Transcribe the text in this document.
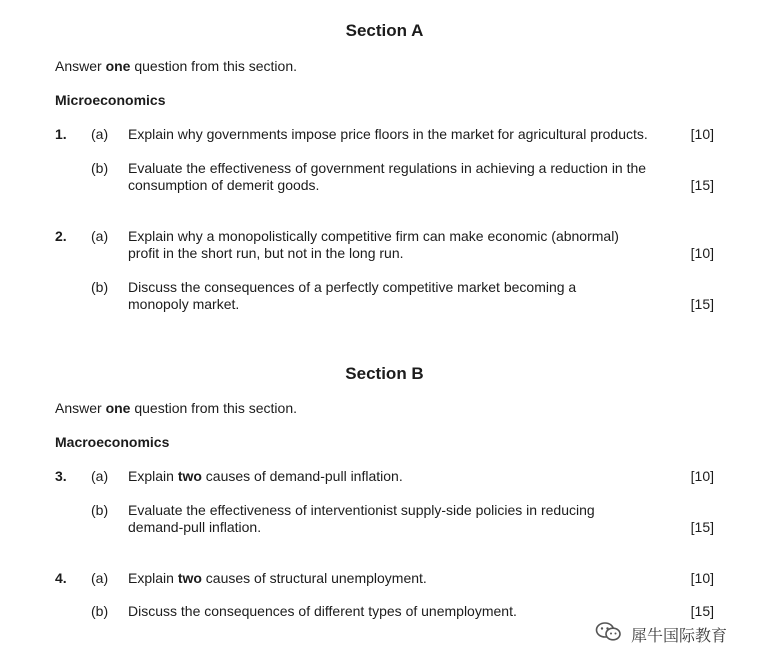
Section A
Answer one question from this section.
Microeconomics
1. (a) Explain why governments impose price floors in the market for agricultural products.	[10]
(b) Evaluate the effectiveness of government regulations in achieving a reduction in the consumption of demerit goods.	[15]
2. (a) Explain why a monopolistically competitive firm can make economic (abnormal) profit in the short run, but not in the long run.	[10]
(b) Discuss the consequences of a perfectly competitive market becoming a monopoly market.	[15]
Section B
Answer one question from this section.
Macroeconomics
3. (a) Explain two causes of demand-pull inflation.	[10]
(b) Evaluate the effectiveness of interventionist supply-side policies in reducing demand-pull inflation.	[15]
4. (a) Explain two causes of structural unemployment.	[10]
(b) Discuss the consequences of different types of unemployment.	[15]
犀牛国际教育
